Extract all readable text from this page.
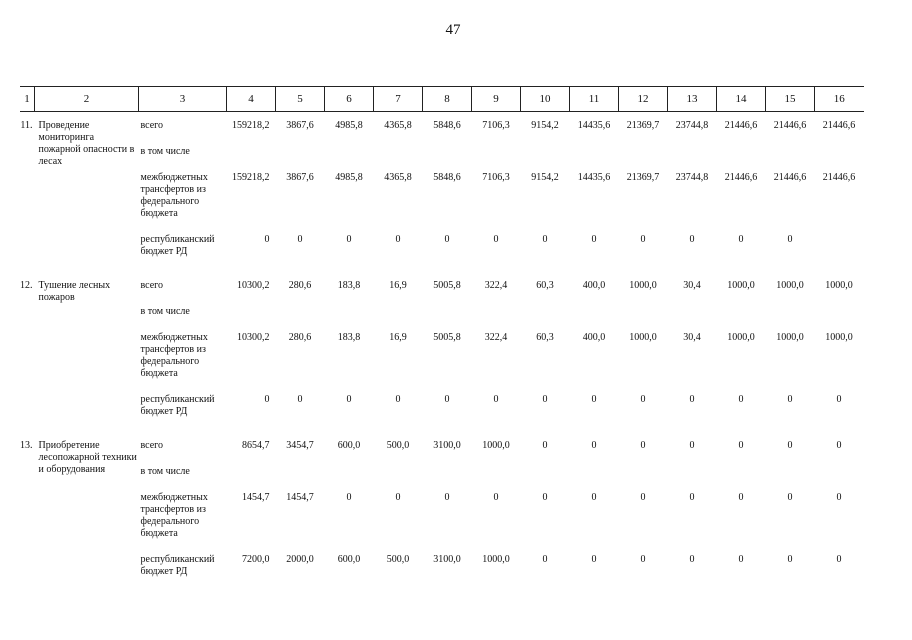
47
1	2	3	4	5	6	7	8	9	10	11	12	13	14	15	16
11.	Проведение мониторинга пожарной опасности в лесах	всего	159218,2	3867,6	4985,8	4365,8	5848,6	7106,3	9154,2	14435,6	21369,7	23744,8	21446,6	21446,6	21446,6
		в том числе													
		межбюджетных трансфертов из федерального бюджета	159218,2	3867,6	4985,8	4365,8	5848,6	7106,3	9154,2	14435,6	21369,7	23744,8	21446,6	21446,6	21446,6
		республиканский бюджет РД	0	0	0	0	0	0	0	0	0	0	0	0	
12.	Тушение лесных пожаров	всего	10300,2	280,6	183,8	16,9	5005,8	322,4	60,3	400,0	1000,0	30,4	1000,0	1000,0	1000,0
		в том числе													
		межбюджетных трансфертов из федерального бюджета	10300,2	280,6	183,8	16,9	5005,8	322,4	60,3	400,0	1000,0	30,4	1000,0	1000,0	1000,0
		республиканский бюджет РД	0	0	0	0	0	0	0	0	0	0	0	0	0
13.	Приобретение лесопожарной техники и оборудования	всего	8654,7	3454,7	600,0	500,0	3100,0	1000,0	0	0	0	0	0	0	0
		в том числе													
		межбюджетных трансфертов из федерального бюджета	1454,7	1454,7	0	0	0	0	0	0	0	0	0	0	0
		республиканский бюджет РД	7200,0	2000,0	600,0	500,0	3100,0	1000,0	0	0	0	0	0	0	0
